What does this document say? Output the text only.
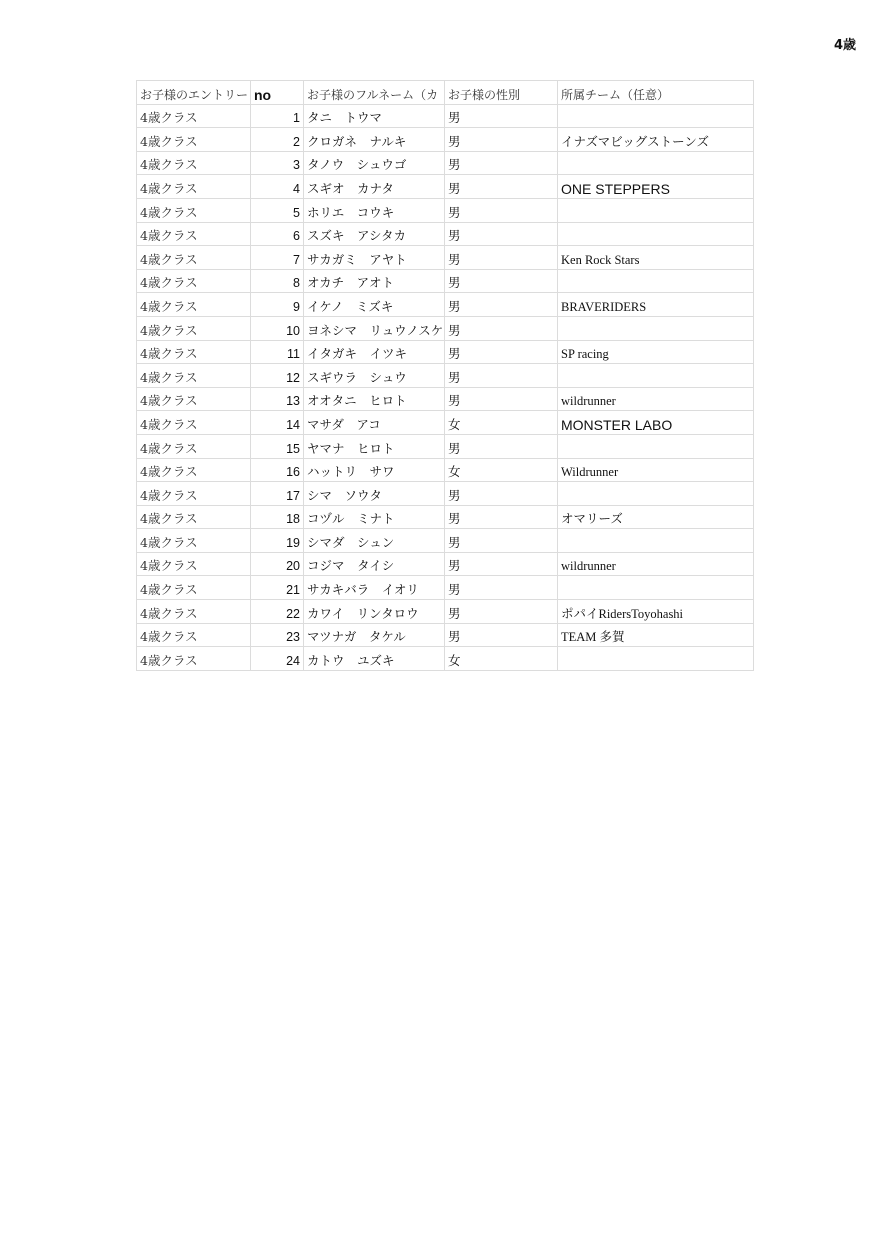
4歳
お子様のエントリー	no	お子様のフルネーム（カ	お子様の性別	所属チーム（任意）
4歳クラス	1	タニ　トウマ	男	
4歳クラス	2	クロガネ　ナルキ	男	イナズマビッグストーンズ
4歳クラス	3	タノウ　シュウゴ	男	
4歳クラス	4	スギオ　カナタ	男	ONE STEPPERS
4歳クラス	5	ホリエ　コウキ	男	
4歳クラス	6	スズキ　アシタカ	男	
4歳クラス	7	サカガミ　アヤト	男	Ken Rock Stars
4歳クラス	8	オカチ　アオト	男	
4歳クラス	9	イケノ　ミズキ	男	BRAVERIDERS
4歳クラス	10	ヨネシマ　リュウノスケ	男	
4歳クラス	11	イタガキ　イツキ	男	SP racing
4歳クラス	12	スギウラ　シュウ	男	
4歳クラス	13	オオタニ　ヒロト	男	wildrunner
4歳クラス	14	マサダ　アコ	女	MONSTER LABO
4歳クラス	15	ヤマナ　ヒロト	男	
4歳クラス	16	ハットリ　サワ	女	Wildrunner
4歳クラス	17	シマ　ソウタ	男	
4歳クラス	18	コヅル　ミナト	男	オマリーズ
4歳クラス	19	シマダ　シュン	男	
4歳クラス	20	コジマ　タイシ	男	wildrunner
4歳クラス	21	サカキバラ　イオリ	男	
4歳クラス	22	カワイ　リンタロウ	男	ポパイRidersToyohashi
4歳クラス	23	マツナガ　タケル	男	TEAM 多賀
4歳クラス	24	カトウ　ユズキ	女	
